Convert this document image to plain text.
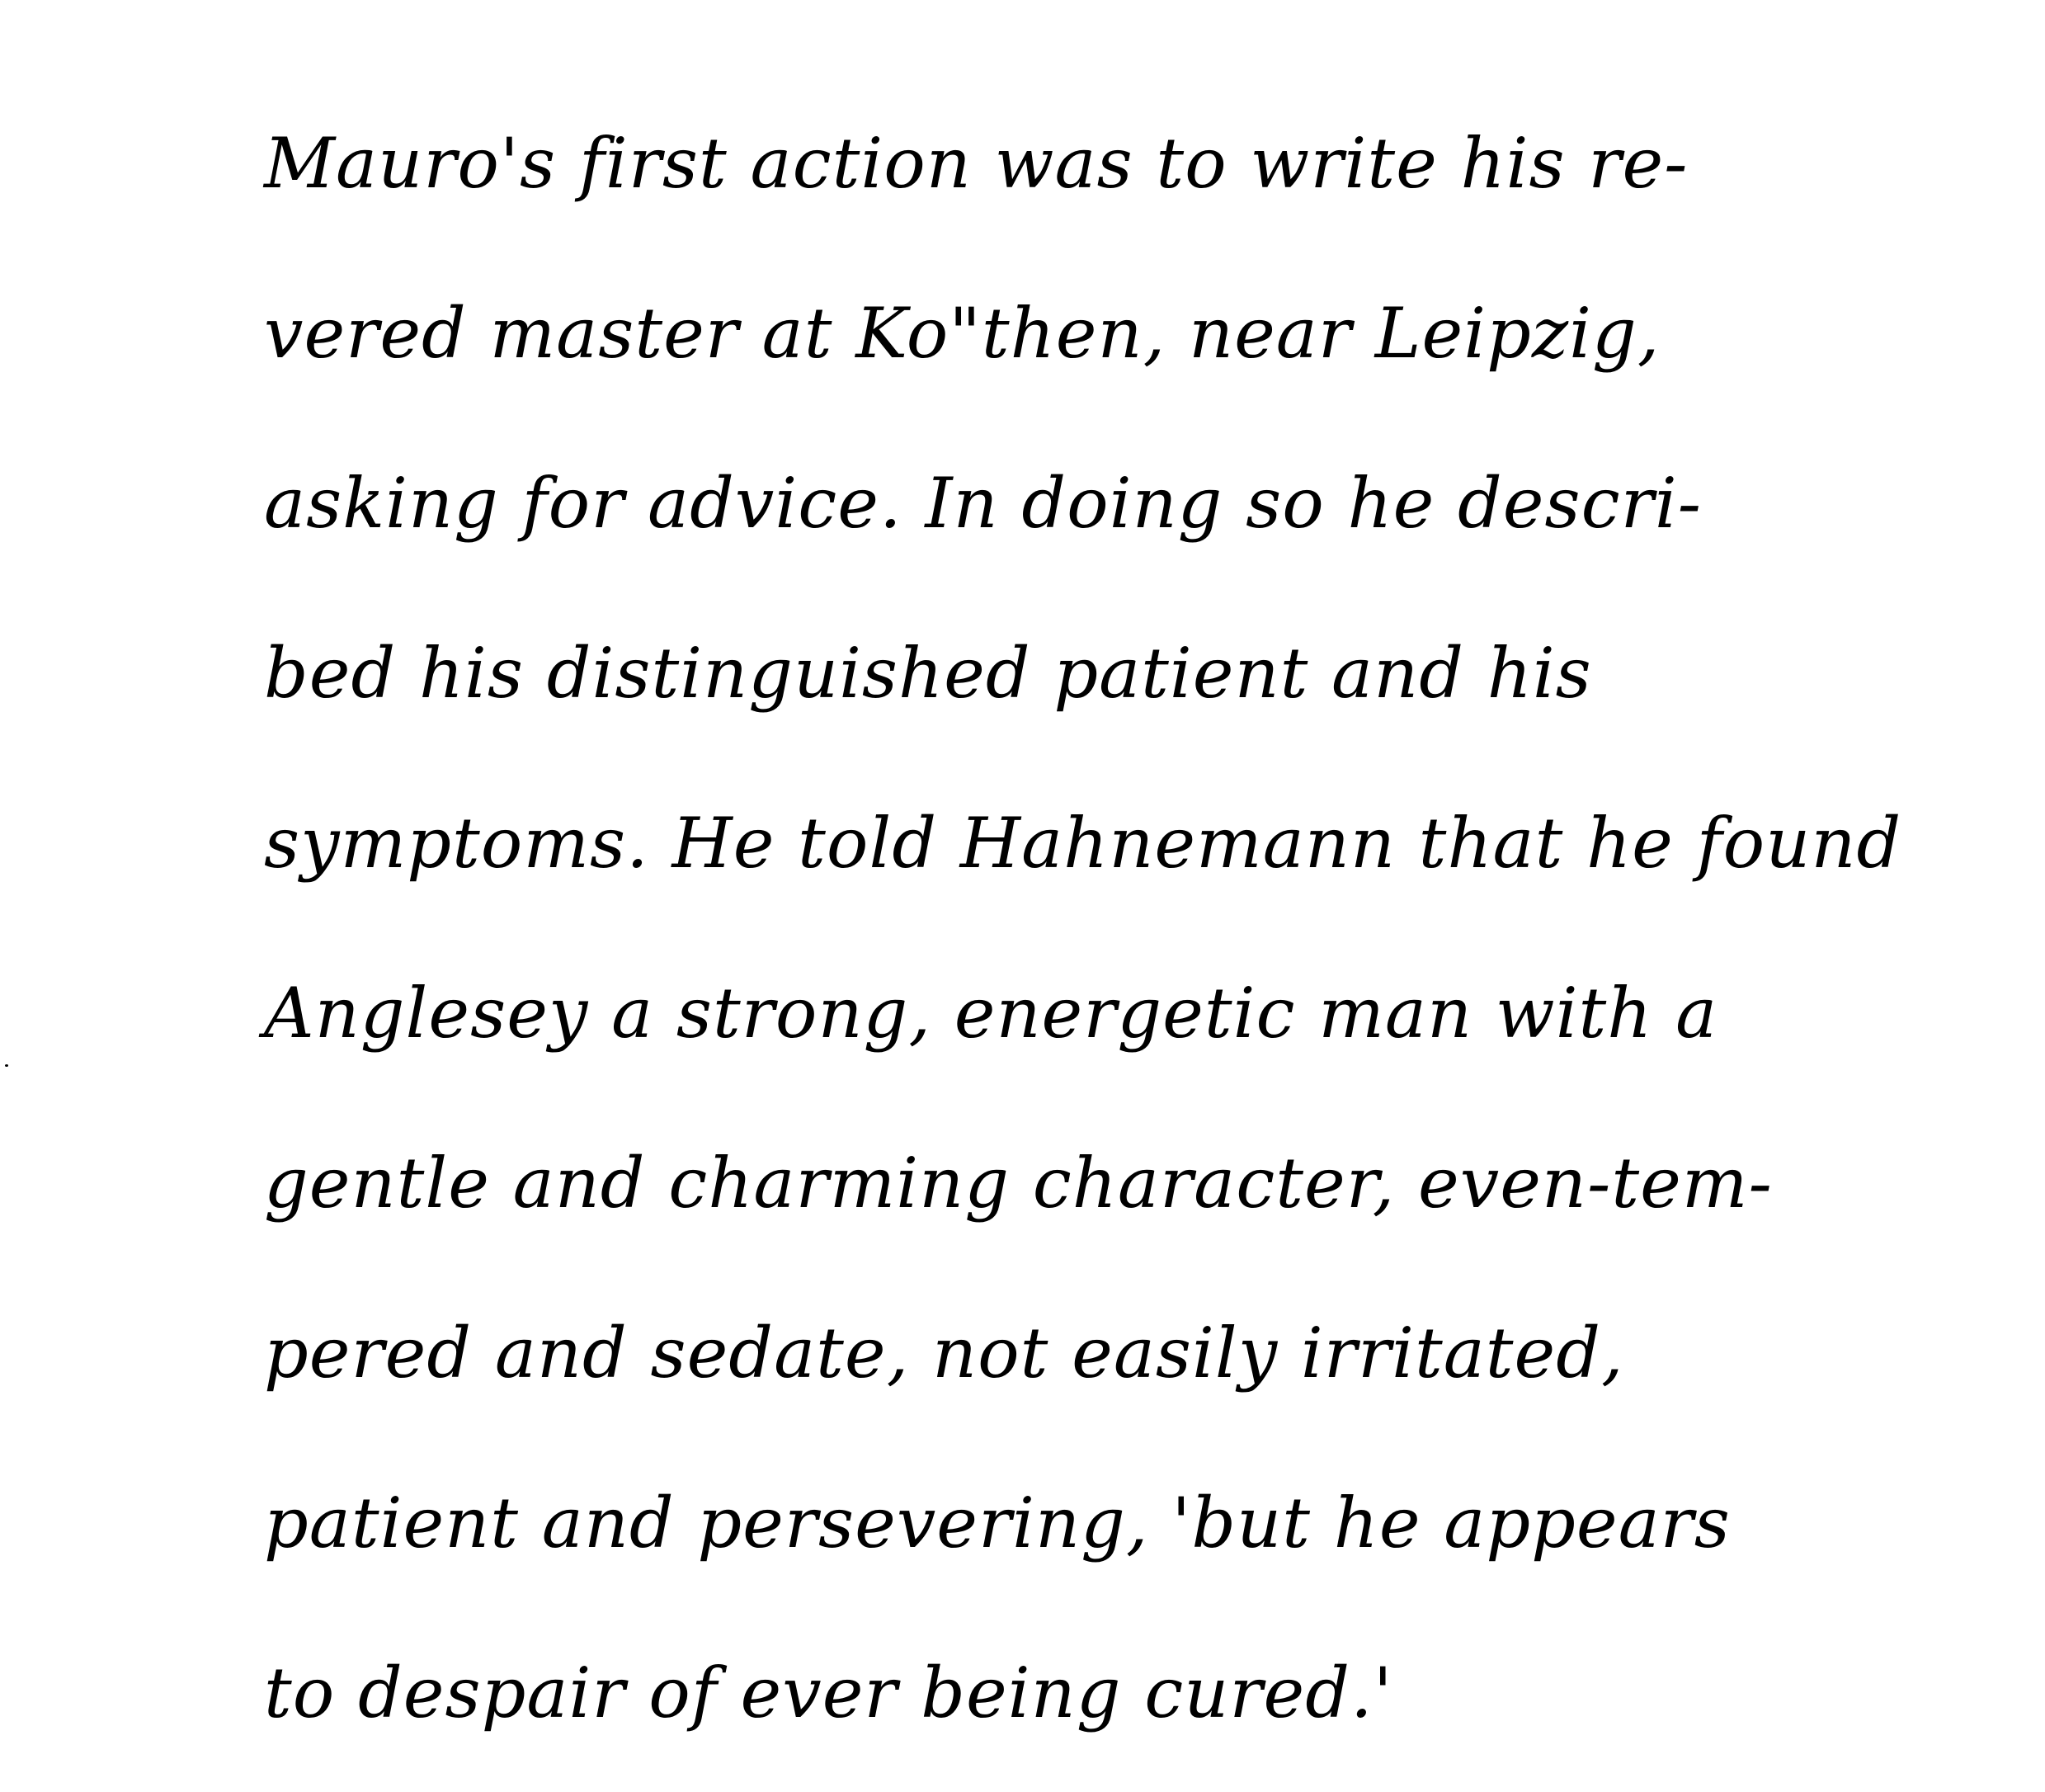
Mauro's first action was to write his re-
vered master at Ko"then, near Leipzig,
asking for advice. In doing so he descri-
bed his distinguished patient and his
symptoms. He told Hahnemann that he found
Anglesey a strong, energetic man with a
gentle and charming character, even-tem-
pered and sedate, not easily irritated,
patient and persevering, 'but he appears
to despair of ever being cured.'
